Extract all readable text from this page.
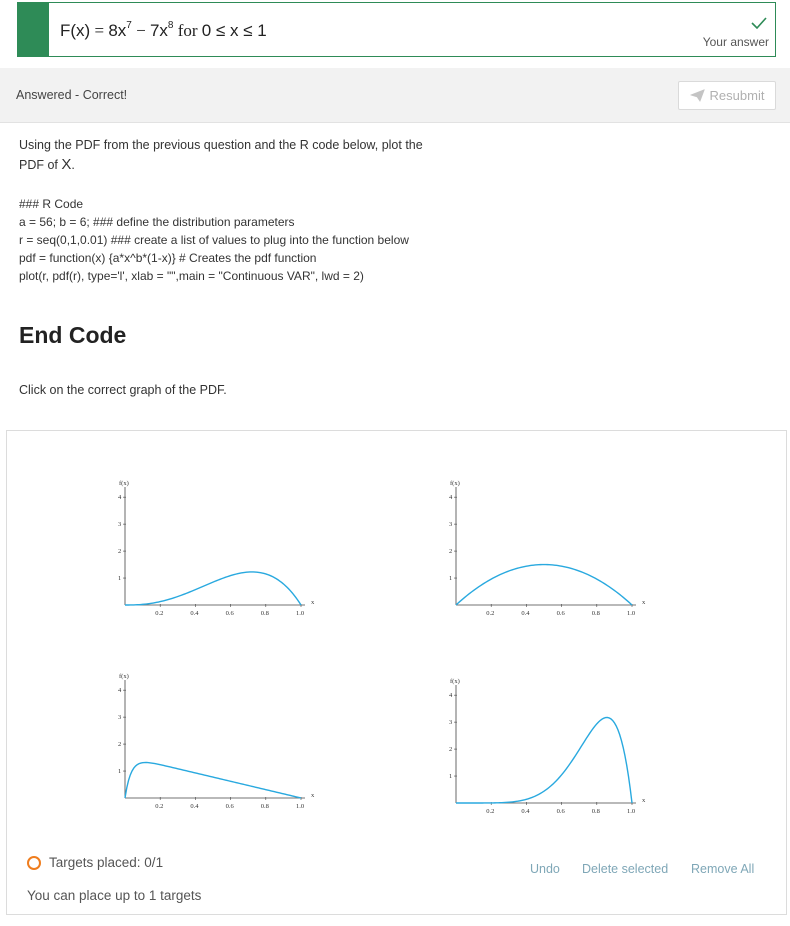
$F(x) = 8x^7 - 7x^8$ for 0 ≤ x ≤ 1
Your answer
Answered - Correct!	Resubmit
Using the PDF from the previous question and the R code below, plot the PDF of X.
### R Code
a = 56; b = 6; ### define the distribution parameters
r = seq(0,1,0.01) ### create a list of values to plug into the function below
pdf = function(x) {a*x^b*(1-x)} # Creates the pdf function
plot(r, pdf(r), type='l', xlab = "",main = "Continuous VAR", lwd = 2)
End Code
Click on the correct graph of the PDF.
f(x)
x
1
2
3
4
0.2	0.4	0.6	0.8	1.0
f(x)
x
1
2
3
4
0.2	0.4	0.6	0.8	1.0
f(x)
x
1
2
3
4
0.2	0.4	0.6	0.8	1.0
f(x)
x
1
2
3
4
0.2	0.4	0.6	0.8	1.0
Targets placed: 0/1
You can place up to 1 targets
Undo Delete selected Remove All
